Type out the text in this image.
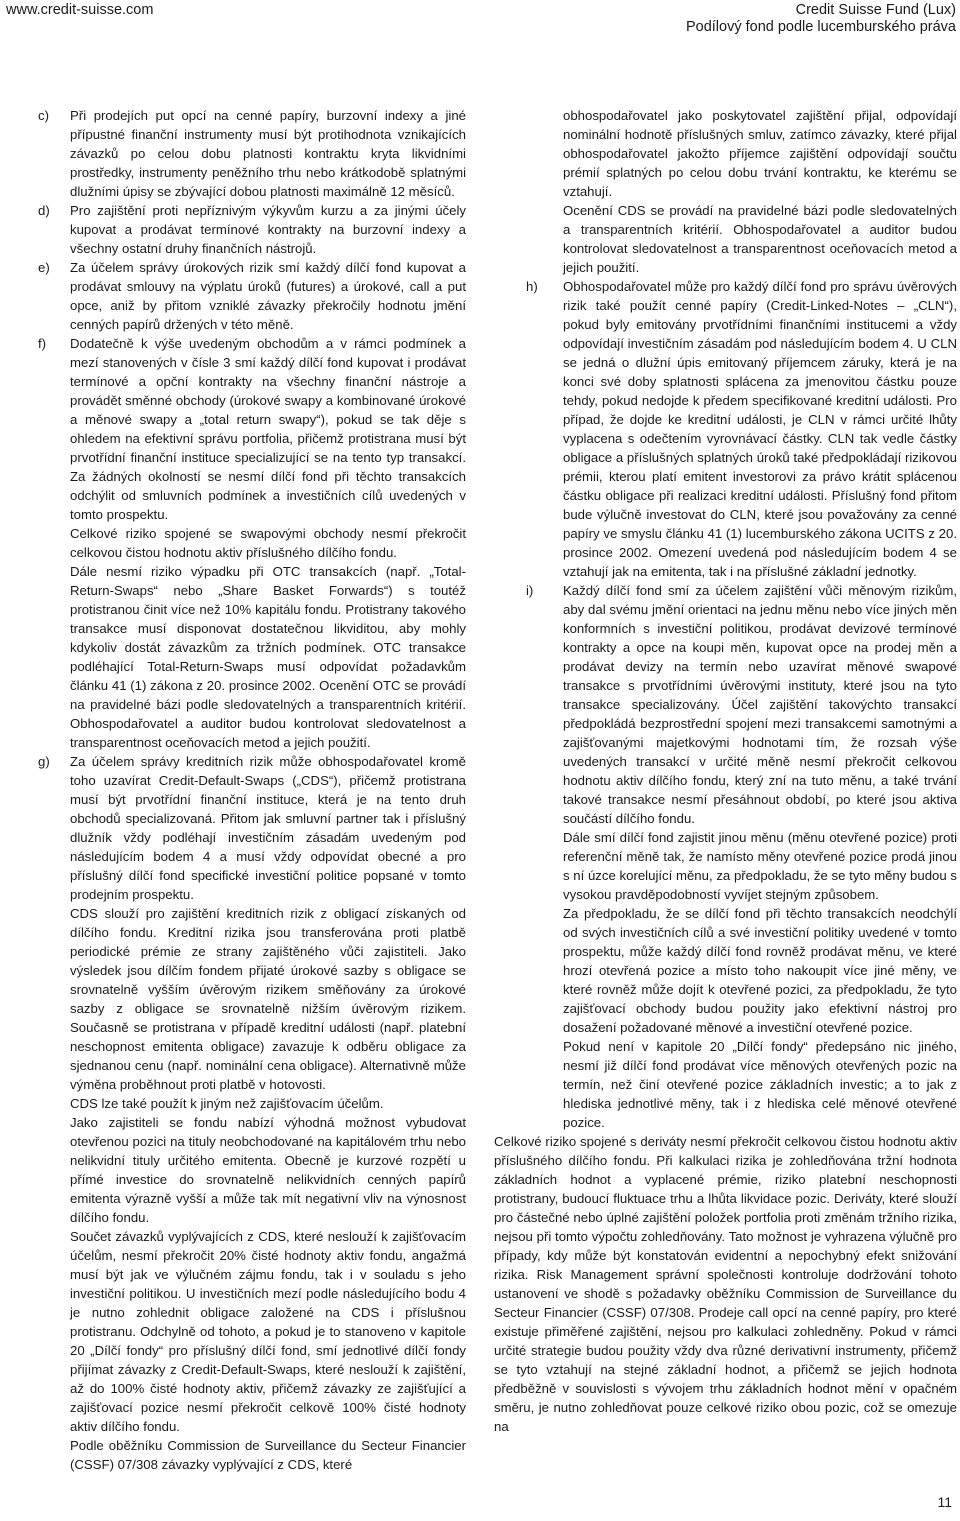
www.credit-suisse.com	Credit Suisse Fund (Lux)
Podílový fond podle lucemburského práva
c) Při prodejích put opcí na cenné papíry, burzovní indexy a jiné přípustné finanční instrumenty musí být protihodnota vznikajících závazků po celou dobu platnosti kontraktu kryta likvidními prostředky, instrumenty peněžního trhu nebo krátkodobě splatnými dlužními úpisy se zbývající dobou platnosti maximálně 12 měsíců.

d) Pro zajištění proti nepříznivým výkyvům kurzu a za jinými účely kupovat a prodávat termínové kontrakty na burzovní indexy a všechny ostatní druhy finančních nástrojů.

e) Za účelem správy úrokových rizik smí každý dílčí fond kupovat a prodávat smlouvy na výplatu úroků (futures) a úrokové, call a put opce, aniž by přitom vzniklé závazky překročily hodnotu jmění cenných papírů držených v této měně.

f) Dodatečně k výše uvedeným obchodům a v rámci podmínek a mezí stanovených v čísle 3 smí každý dílčí fond kupovat i prodávat termínové a opční kontrakty na všechny finanční nástroje a provádět směnné obchody (úrokové swapy a kombinované úrokové a měnové swapy a „total return swapy“), pokud se tak děje s ohledem na efektivní správu portfolia, přičemž protistrana musí být prvotřídní finanční instituce specializující se na tento typ transakcí. Za žádných okolností se nesmí dílčí fond při těchto transakcích odchýlit od smluvních podmínek a investičních cílů uvedených v tomto prospektu.

Celkové riziko spojené se swapovými obchody nesmí překročit celkovou čistou hodnotu aktiv příslušného dílčího fondu.

Dále nesmí riziko výpadku při OTC transakcích (např. „Total-Return-Swaps“ nebo „Share Basket Forwards“) s toutéž protistranou činit více než 10% kapitálu fondu. Protistrany takového transakce musí disponovat dostatečnou likviditou, aby mohly kdykoliv dostát závazkům za tržních podmínek. OTC transakce podléhající Total-Return-Swaps musí odpovídat požadavkům článku 41 (1) zákona z 20. prosince 2002. Ocenění OTC se provádí na pravidelné bázi podle sledovatelných a transparentních kritérií. Obhospodařovatel a auditor budou kontrolovat sledovatelnost a transparentnost oceňovacích metod a jejich použití.

g) Za účelem správy kreditních rizik může obhospodařovatel kromě toho uzavírat Credit-Default-Swaps („CDS“), přičemž protistrana musí být prvotřídní finanční instituce, která je na tento druh obchodů specializovaná. Přitom jak smluvní partner tak i příslušný dlužník vždy podléhají investičním zásadám uvedeným pod následujícím bodem 4 a musí vždy odpovídat obecné a pro příslušný dílčí fond specifické investiční politice popsané v tomto prodejním prospektu.

CDS slouží pro zajištění kreditních rizik z obligací získaných od dílčího fondu. Kreditní rizika jsou transferována proti platbě periodické prémie ze strany zajištěného vůči zajistiteli. Jako výsledek jsou dílčím fondem přijaté úrokové sazby s obligace se srovnatelně vyšším úvěrovým rizikem směňovány za úrokové sazby z obligace se srovnatelně nižším úvěrovým rizikem. Současně se protistrana v případě kreditní události (např. platební neschopnost emitenta obligace) zavazuje k odběru obligace za sjednanou cenu (např. nominální cena obligace). Alternativně může výměna proběhnout proti platbě v hotovosti.

CDS lze také použít k jiným než zajišťovacím účelům.

Jako zajistiteli se fondu nabízí výhodná možnost vybudovat otevřenou pozici na tituly neobchodované na kapitálovém trhu nebo nelikvidní tituly určitého emitenta. Obecně je kurzové rozpětí u přímé investice do srovnatelně nelikvidních cenných papírů emitenta výrazně vyšší a může tak mít negativní vliv na výnosnost dílčího fondu.

Součet závazků vyplývajících z CDS, které neslouží k zajišťovacím účelům, nesmí překročit 20% čisté hodnoty aktiv fondu, angažmá musí být jak ve výlučném zájmu fondu, tak i v souladu s jeho investiční politikou. U investičních mezí podle následujícího bodu 4 je nutno zohlednit obligace založené na CDS i příslušnou protistranu. Odchylně od tohoto, a pokud je to stanoveno v kapitole 20 „Dílčí fondy“ pro příslušný dílčí fond, smí jednotlivé dílčí fondy přijímat závazky z Credit-Default-Swaps, které neslouží k zajištění, až do 100% čisté hodnoty aktiv, přičemž závazky ze zajišťující a zajišťovací pozice nesmí překročit celkově 100% čisté hodnoty aktiv dílčího fondu.

Podle oběžníku Commission de Surveillance du Secteur Financier (CSSF) 07/308 závazky vyplývající z CDS, které

obhospodařovatel jako poskytovatel zajištění přijal, odpovídají nominální hodnotě příslušných smluv, zatímco závazky, které přijal obhospodařovatel jakožto příjemce zajištění odpovídají součtu prémií splatných po celou dobu trvání kontraktu, ke kterému se vztahují.

Ocenění CDS se provádí na pravidelné bázi podle sledovatelných a transparentních kritérií. Obhospodařovatel a auditor budou kontrolovat sledovatelnost a transparentnost oceňovacích metod a jejich použití.

h) Obhospodařovatel může pro každý dílčí fond pro správu úvěrových rizik také použít cenné papíry (Credit-Linked-Notes – „CLN“), pokud byly emitovány prvotřídními finančními institucemi a vždy odpovídají investičním zásadám pod následujícím bodem 4. U CLN se jedná o dlužní úpis emitovaný příjemcem záruky, která je na konci své doby splatnosti splácena za jmenovitou částku pouze tehdy, pokud nedojde k předem specifikované kreditní události. Pro případ, že dojde ke kreditní události, je CLN v rámci určité lhůty vyplacena s odečtením vyrovnávací částky. CLN tak vedle částky obligace a příslušných splatných úroků také předpokládají rizikovou prémii, kterou platí emitent investorovi za právo krátit splácenou částku obligace při realizaci kreditní události. Příslušný fond přitom bude výlučně investovat do CLN, které jsou považovány za cenné papíry ve smyslu článku 41 (1) lucemburského zákona UCITS z 20. prosince 2002. Omezení uvedená pod následujícím bodem 4 se vztahují jak na emitenta, tak i na příslušné základní jednotky.

i) Každý dílčí fond smí za účelem zajištění vůči měnovým rizikům, aby dal svému jmění orientaci na jednu měnu nebo více jiných měn konformních s investiční politikou, prodávat devizové termínové kontrakty a opce na koupi měn, kupovat opce na prodej měn a prodávat devizy na termín nebo uzavírat měnové swapové transakce s prvotřídními úvěrovými instituty, které jsou na tyto transakce specializovány. Účel zajištění takovýchto transakcí předpokládá bezprostřední spojení mezi transakcemi samotnými a zajišťovanými majetkovými hodnotami tím, že rozsah výše uvedených transakcí v určité měně nesmí překročit celkovou hodnotu aktiv dílčího fondu, který zní na tuto měnu, a také trvání takové transakce nesmí přesáhnout období, po které jsou aktiva součástí dílčího fondu.

Dále smí dílčí fond zajistit jinou měnu (měnu otevřené pozice) proti referenční měně tak, že namísto měny otevřené pozice prodá jinou s ní úzce korelující měnu, za předpokladu, že se tyto měny budou s vysokou pravděpodobností vyvíjet stejným způsobem.

Za předpokladu, že se dílčí fond při těchto transakcích neodchýlí od svých investičních cílů a své investiční politiky uvedené v tomto prospektu, může každý dílčí fond rovněž prodávat měnu, ve které hrozí otevřená pozice a místo toho nakoupit více jiné měny, ve které rovněž může dojít k otevřené pozici, za předpokladu, že tyto zajišťovací obchody budou použity jako efektivní nástroj pro dosažení požadované měnové a investiční otevřené pozice.

Pokud není v kapitole 20 „Dílčí fondy“ předepsáno nic jiného, nesmí již dílčí fond prodávat více měnových otevřených pozic na termín, než činí otevřené pozice základních investic; a to jak z hlediska jednotlivé měny, tak i z hlediska celé měnové otevřené pozice.

Celkové riziko spojené s deriváty nesmí překročit celkovou čistou hodnotu aktiv příslušného dílčího fondu. Při kalkulaci rizika je zohledňována tržní hodnota základních hodnot a vyplacené prémie, riziko platební neschopnosti protistrany, budoucí fluktuace trhu a lhůta likvidace pozic. Deriváty, které slouží pro částečné nebo úplné zajištění položek portfolia proti změnám tržního rizika, nejsou při tomto výpočtu zohledňovány. Tato možnost je vyhrazena výlučně pro případy, kdy může být konstatován evidentní a nepochybný efekt snižování rizika. Risk Management správní společnosti kontroluje dodržování tohoto ustanovení ve shodě s požadavky oběžníku Commission de Surveillance du Secteur Financier (CSSF) 07/308. Prodeje call opcí na cenné papíry, pro které existuje přiměřené zajištění, nejsou pro kalkulaci zohledněny. Pokud v rámci určité strategie budou použity vždy dva různé derivativní instrumenty, přičemž se tyto vztahují na stejné základní hodnot, a přičemž se jejich hodnota předběžně v souvislosti s vývojem trhu základních hodnot mění v opačném směru, je nutno zohledňovat pouze celkové riziko obou pozic, což se omezuje na

11
